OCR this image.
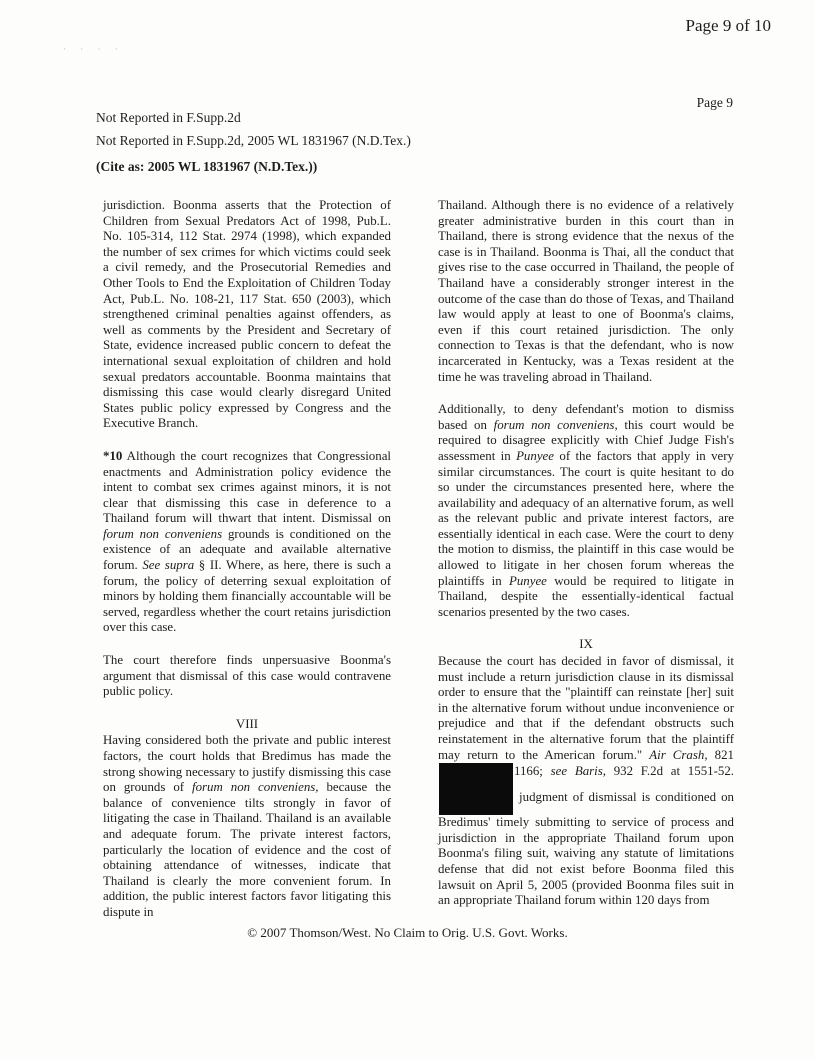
· · · ·
Page 9 of 10
Page 9
Not Reported in F.Supp.2d
Not Reported in F.Supp.2d, 2005 WL 1831967 (N.D.Tex.)
(Cite as: 2005 WL 1831967 (N.D.Tex.))

jurisdiction. Boonma asserts that the Protection of Children from Sexual Predators Act of 1998, Pub.L. No. 105-314, 112 Stat. 2974 (1998), which expanded the number of sex crimes for which victims could seek a civil remedy, and the Prosecutorial Remedies and Other Tools to End the Exploitation of Children Today Act, Pub.L. No. 108-21, 117 Stat. 650 (2003), which strengthened criminal penalties against offenders, as well as comments by the President and Secretary of State, evidence increased public concern to defeat the international sexual exploitation of children and hold sexual predators accountable. Boonma maintains that dismissing this case would clearly disregard United States public policy expressed by Congress and the Executive Branch.

*10 Although the court recognizes that Congressional enactments and Administration policy evidence the intent to combat sex crimes against minors, it is not clear that dismissing this case in deference to a Thailand forum will thwart that intent. Dismissal on forum non conveniens grounds is conditioned on the existence of an adequate and available alternative forum. See supra § II. Where, as here, there is such a forum, the policy of deterring sexual exploitation of minors by holding them financially accountable will be served, regardless whether the court retains jurisdiction over this case.

The court therefore finds unpersuasive Boonma's argument that dismissal of this case would contravene public policy.

VIII

Having considered both the private and public interest factors, the court holds that Bredimus has made the strong showing necessary to justify dismissing this case on grounds of forum non conveniens, because the balance of convenience tilts strongly in favor of litigating the case in Thailand. Thailand is an available and adequate forum. The private interest factors, particularly the location of evidence and the cost of obtaining attendance of witnesses, indicate that Thailand is clearly the more convenient forum. In addition, the public interest factors favor litigating this dispute in

Thailand. Although there is no evidence of a relatively greater administrative burden in this court than in Thailand, there is strong evidence that the nexus of the case is in Thailand. Boonma is Thai, all the conduct that gives rise to the case occurred in Thailand, the people of Thailand have a considerably stronger interest in the outcome of the case than do those of Texas, and Thailand law would apply at least to one of Boonma's claims, even if this court retained jurisdiction. The only connection to Texas is that the defendant, who is now incarcerated in Kentucky, was a Texas resident at the time he was traveling abroad in Thailand.

Additionally, to deny defendant's motion to dismiss based on forum non conveniens, this court would be required to disagree explicitly with Chief Judge Fish's assessment in Punyee of the factors that apply in very similar circumstances. The court is quite hesitant to do so under the circumstances presented here, where the availability and adequacy of an alternative forum, as well as the relevant public and private interest factors, are essentially identical in each case. Were the court to deny the motion to dismiss, the plaintiff in this case would be allowed to litigate in her chosen forum whereas the plaintiffs in Punyee would be required to litigate in Thailand, despite the essentially-identical factual scenarios presented by the two cases.

IX

Because the court has decided in favor of dismissal, it must include a return jurisdiction clause in its dismissal order to ensure that the "plaintiff can reinstate [her] suit in the alternative forum without undue inconvenience or prejudice and that if the defendant obstructs such reinstatement in the alternative forum that the plaintiff may return to the American forum." Air Crash, 8211166; see Baris, 932 F.2d at 1551-52.  judgment of dismissal is conditioned on Bredimus' timely submitting to service of process and jurisdiction in the appropriate Thailand forum upon Boonma's filing suit, waiving any statute of limitations defense that did not exist before Boonma filed this lawsuit on April 5, 2005 (provided Boonma files suit in an appropriate Thailand forum within 120 days from

© 2007 Thomson/West. No Claim to Orig. U.S. Govt. Works.
